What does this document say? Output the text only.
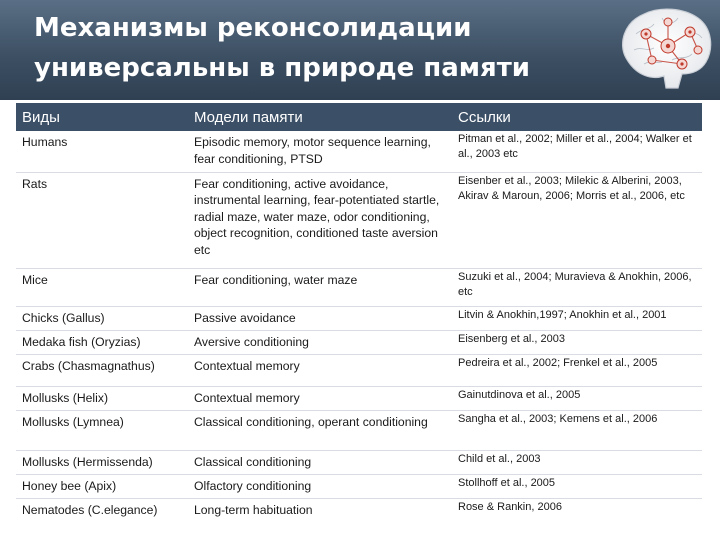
Механизмы реконсолидации
универсальны в природе памяти
Виды	Модели памяти	Ссылки
Humans	Episodic memory, motor sequence learning, fear conditioning, PTSD	Pitman et al., 2002; Miller et al., 2004; Walker et al., 2003 etc
Rats	Fear conditioning, active avoidance, instrumental learning, fear-potentiated startle, radial maze, water maze, odor conditioning, object recognition, conditioned taste aversion etc	Eisenber et al., 2003; Milekic & Alberini, 2003, Akirav & Maroun, 2006; Morris et al., 2006, etc
Mice	Fear conditioning, water maze	Suzuki et al., 2004; Muravieva & Anokhin, 2006, etc
Chicks (Gallus)	Passive avoidance	Litvin & Anokhin,1997; Anokhin et al., 2001
Medaka fish (Oryzias)	Aversive conditioning	Eisenberg et al., 2003
Crabs (Chasmagnathus)	Contextual memory	Pedreira et al., 2002; Frenkel et al., 2005
Mollusks (Helix)	Contextual memory	Gainutdinova et al., 2005
Mollusks (Lymnea)	Classical conditioning, operant conditioning	Sangha et al., 2003; Kemens et al., 2006
Mollusks (Hermissenda)	Classical conditioning	Child et al., 2003
Honey bee (Apix)	Olfactory conditioning	Stollhoff et al., 2005
Nematodes (C.elegance)	Long-term habituation	Rose & Rankin, 2006
